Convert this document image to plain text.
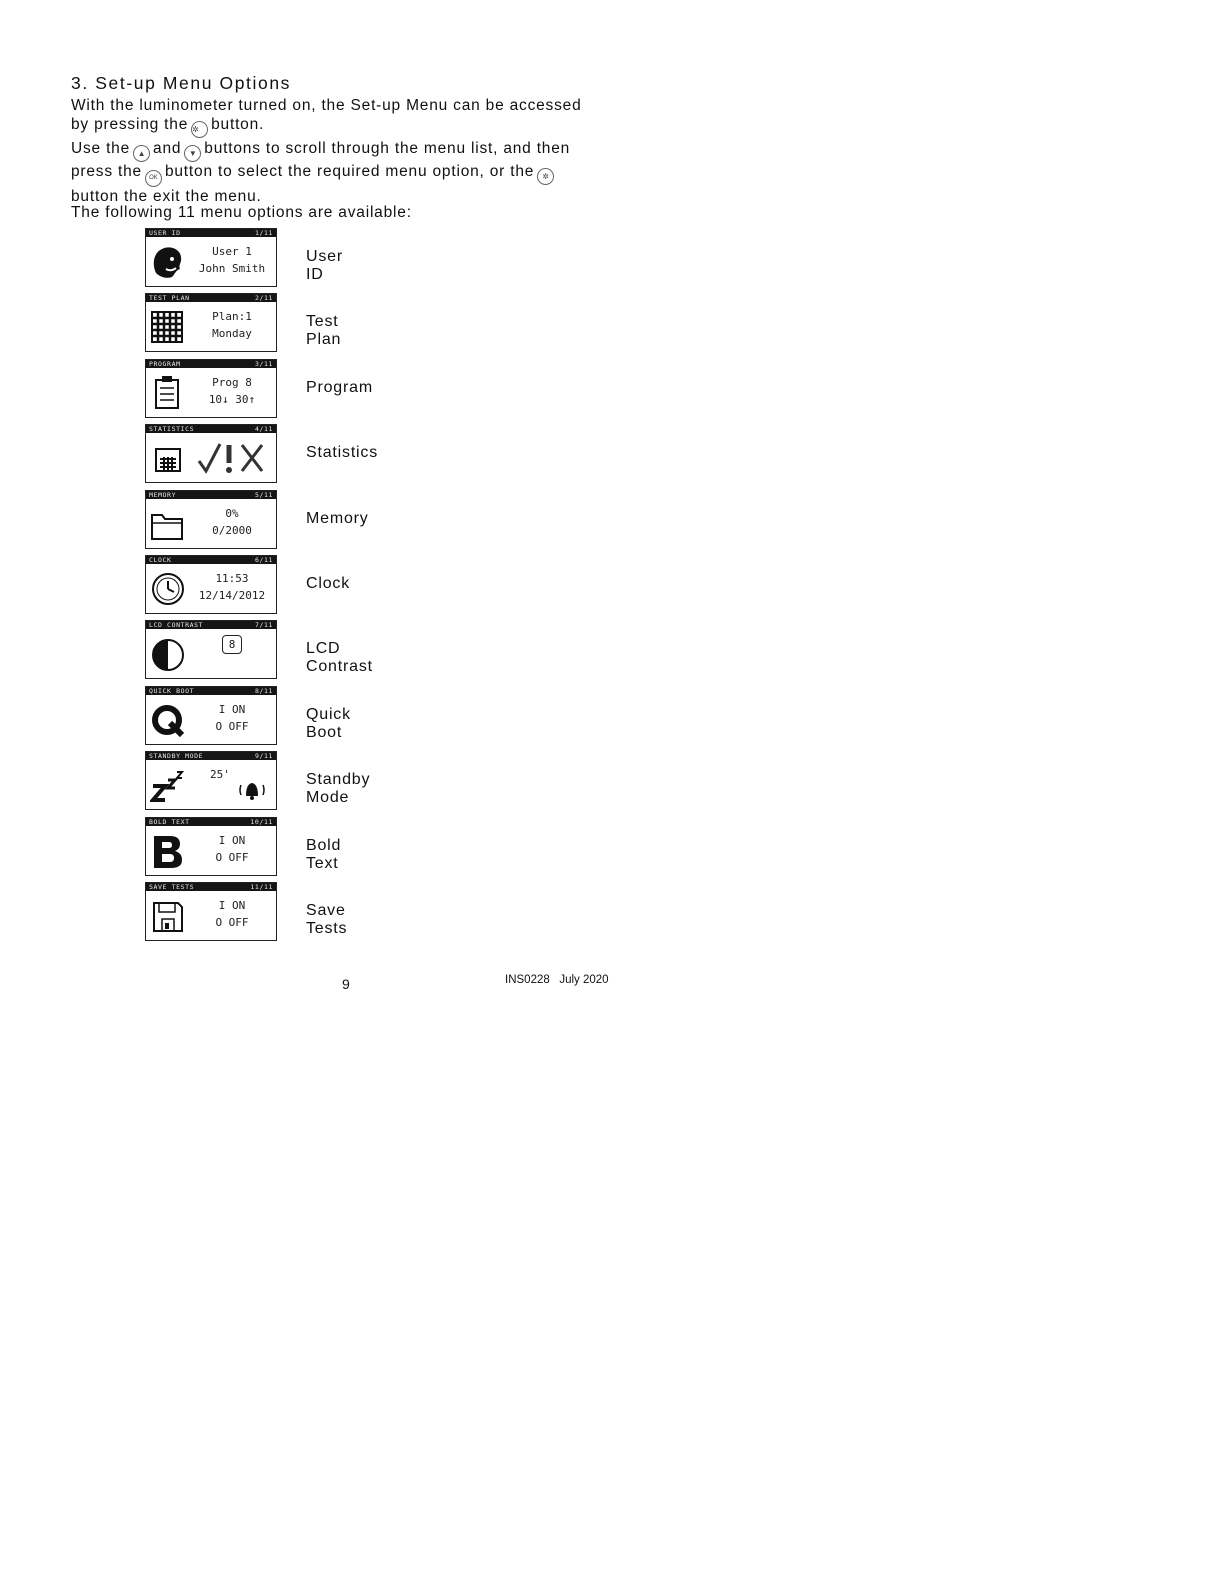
3. Set-up Menu Options
With the luminometer turned on, the Set-up Menu can be accessed
by pressing the ✲ button.
Use the ▲ and ▼ buttons to scroll through the menu list, and then
press the OK button to select the required menu option, or the ✲
button the exit the menu.
The following 11 menu options are available:
USER ID	1/11
User 1
John Smith
User ID
TEST PLAN	2/11
Plan:1
Monday
Test Plan
PROGRAM	3/11
Prog 8
10↓ 30↑
Program
STATISTICS	4/11
Statistics
MEMORY	5/11
0%
0/2000
Memory
CLOCK	6/11
11:53
12/14/2012
Clock
LCD CONTRAST	7/11
8	LCD Contrast
QUICK BOOT	8/11
I ON
O OFF
Quick Boot
STANDBY MODE	9/11
25'	Standby Mode
BOLD TEXT	10/11
I ON
O OFF
Bold Text
SAVE TESTS	11/11
I ON
O OFF
Save Tests
9	INS0228   July 2020
